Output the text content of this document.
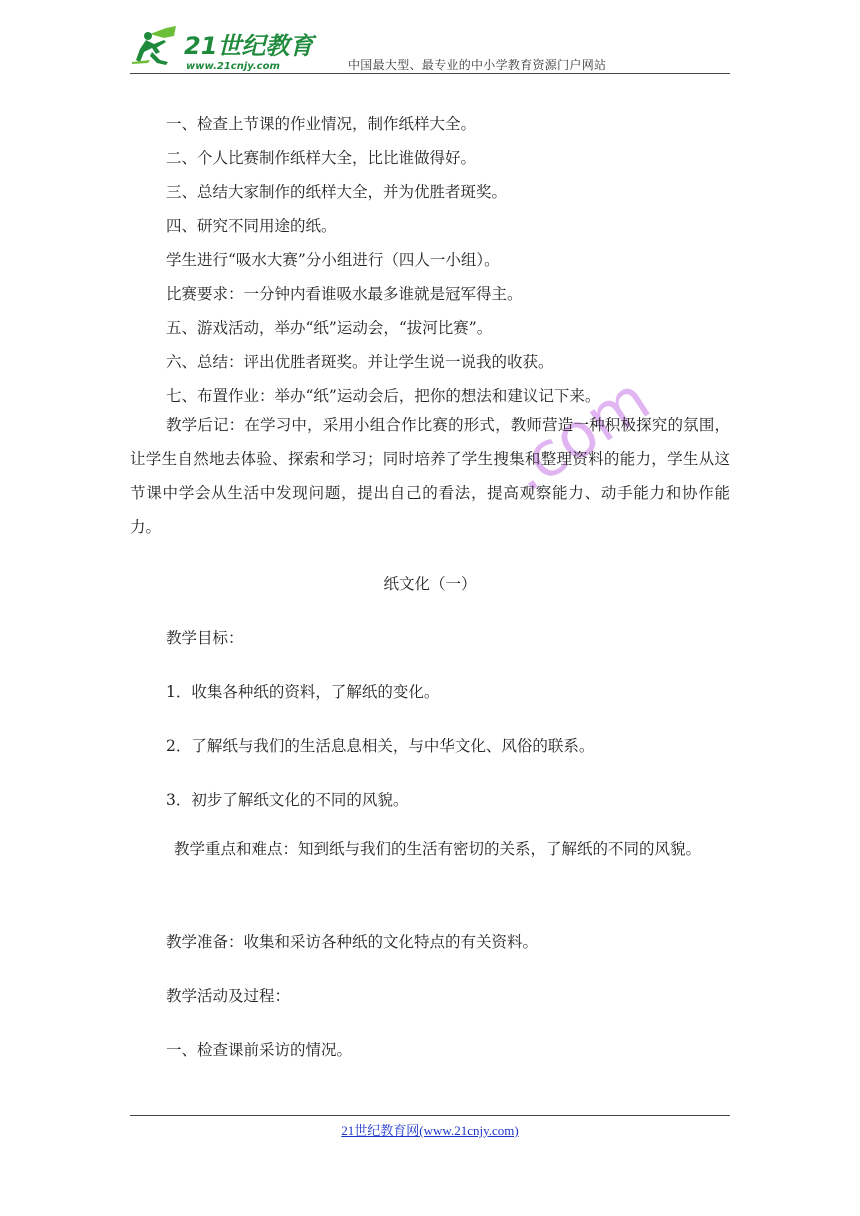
21世纪教育
www.21cnjy.com	中国最大型、最专业的中小学教育资源门户网站
.com
一、检查上节课的作业情况，制作纸样大全。
二、个人比赛制作纸样大全，比比谁做得好。
三、总结大家制作的纸样大全，并为优胜者斑奖。
四、研究不同用途的纸。
学生进行“吸水大赛”分小组进行（四人一小组）。
比赛要求：一分钟内看谁吸水最多谁就是冠军得主。
五、游戏活动，举办“纸”运动会，“拔河比赛”。
六、总结：评出优胜者斑奖。并让学生说一说我的收获。
七、布置作业：举办“纸”运动会后，把你的想法和建议记下来。
教学后记：在学习中，采用小组合作比赛的形式，教师营造一种积极探究的氛围，让学生自然地去体验、探索和学习；同时培养了学生搜集和整理资料的能力，学生从这节课中学会从生活中发现问题，提出自己的看法，提高观察能力、动手能力和协作能力。
纸文化（一）
教学目标：
1．收集各种纸的资料，了解纸的变化。
2．了解纸与我们的生活息息相关，与中华文化、风俗的联系。
3．初步了解纸文化的不同的风貌。
教学重点和难点：知到纸与我们的生活有密切的关系，了解纸的不同的风貌。
教学准备：收集和采访各种纸的文化特点的有关资料。
教学活动及过程：
一、检查课前采访的情况。
21世纪教育网(www.21cnjy.com)
